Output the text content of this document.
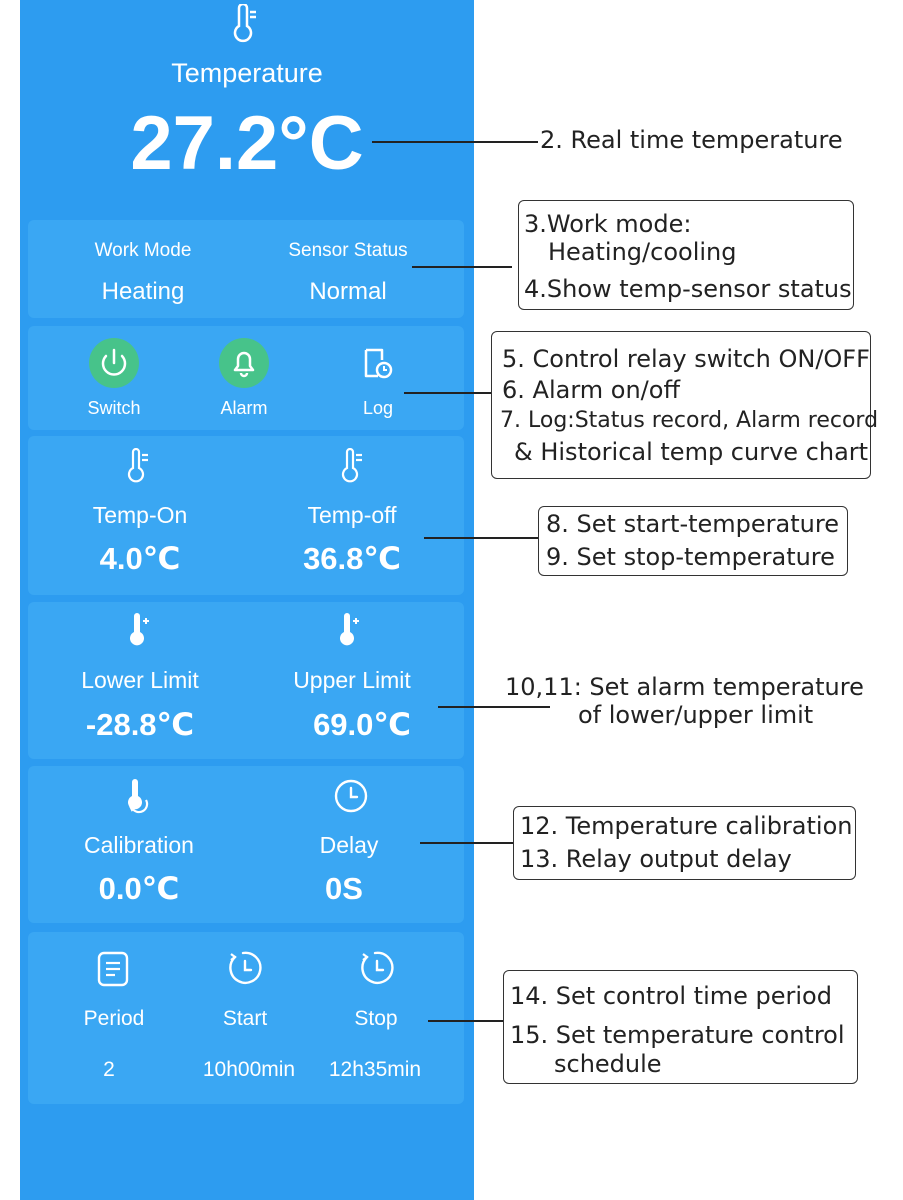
Temperature
27.2°C
Work Mode
Heating
Sensor Status
Normal
Switch	Alarm	Log
Temp-On
4.0℃
Temp-off
36.8℃
Lower Limit
-28.8℃
Upper Limit
69.0℃
Calibration
0.0℃
Delay
0S
Period
2
Start
10h00min
Stop
12h35min
2. Real time temperature
3.Work mode:
Heating/cooling
4.Show temp-sensor status
5. Control relay switch ON/OFF
6. Alarm on/off
7. Log:Status record, Alarm record
& Historical temp curve chart
8. Set start-temperature
9. Set stop-temperature
10,11: Set alarm temperature
of lower/upper limit
12. Temperature calibration
13. Relay output delay
14. Set control time period
15. Set temperature control
schedule
